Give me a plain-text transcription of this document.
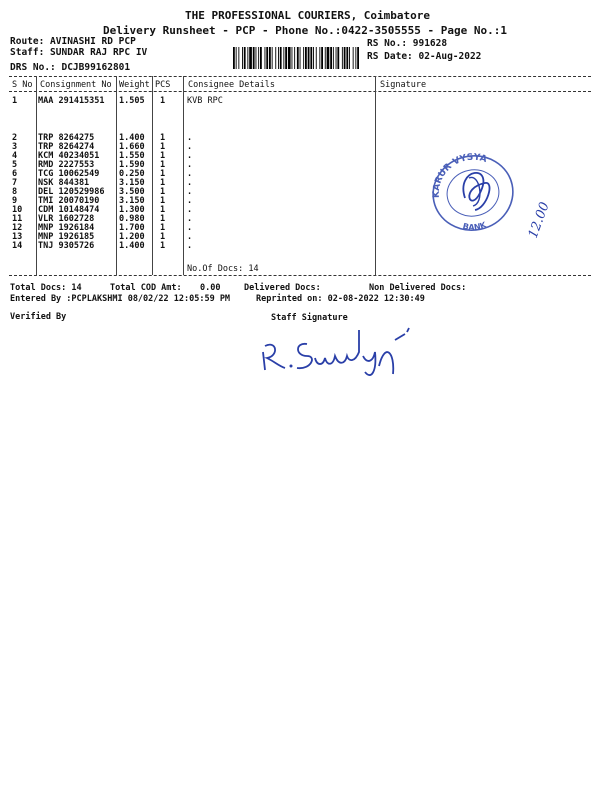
THE PROFESSIONAL COURIERS, Coimbatore
Delivery Runsheet - PCP - Phone No.:0422-3505555 - Page No.:1
Route: AVINASHI RD PCP
Staff: SUNDAR RAJ RPC IV
DRS No.: DCJB99162801
RS No.: 991628
RS Date: 02-Aug-2022
S No Consignment No Weight PCS Consignee Details	Signature
1 MAA 291415351 1.505 1	KVB RPC
2 TRP 8264275	1.400 1	.
3 TRP 8264274	1.660 1	.
4 KCM 40234051 1.550 1	.
5 RMD 2227553	1.590 1	.
6 TCG 10062549 0.250 1	.
7 NSK 844381	3.150 1	.
8 DEL 120529986 3.500 1	.
9 TMI 20070190 3.150 1	.
10 CDM 10148474 1.300 1	.
11 VLR 1602728	0.980 1	.
12 MNP 1926184	1.700 1	.
13 MNP 1926185	1.200 1	.
14 TNJ 9305726	1.400 1	.
No.Of Docs: 14
Total Docs: 14	Total COD Amt: 0.00	Delivered Docs:	Non Delivered Docs:
Entered By :PCPLAKSHMI 08/02/22 12:05:59 PM	Reprinted on: 02-08-2022 12:30:49
Verified By	Staff Signature
KARUR VYSYA
BANK	12.00
